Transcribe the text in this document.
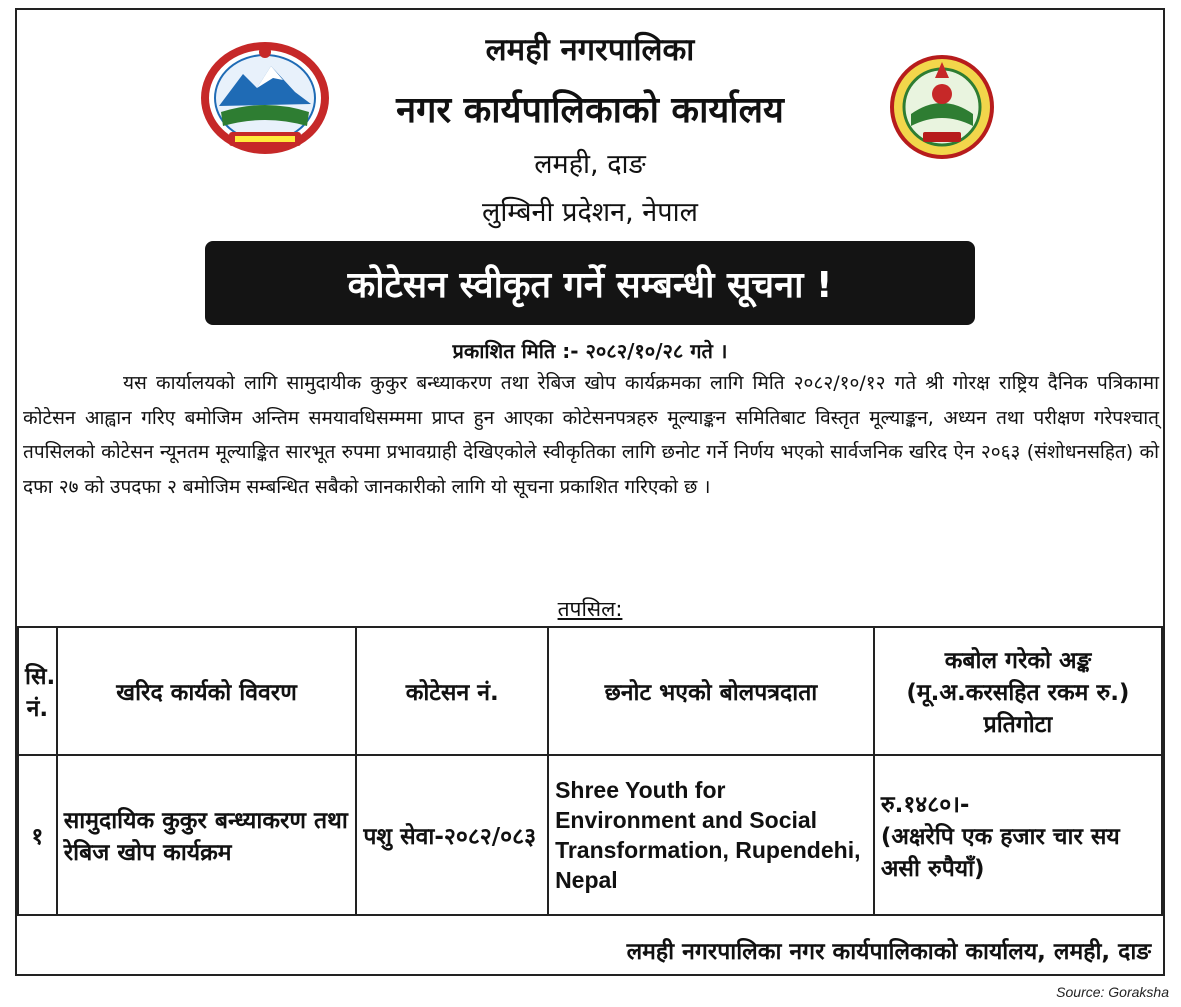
लमही नगरपालिका
नगर कार्यपालिकाको कार्यालय
लमही, दाङ
लुम्बिनी प्रदेशन, नेपाल
कोटेसन स्वीकृत गर्ने सम्बन्धी सूचना !
प्रकाशित मिति :- २०८२/१०/२८ गते ।
यस कार्यालयको लागि सामुदायीक कुकुर बन्ध्याकरण तथा रेबिज खोप कार्यक्रमका लागि मिति २०८२/१०/१२ गते श्री गोरक्ष राष्ट्रिय दैनिक पत्रिकामा कोटेसन आह्वान गरिए बमोजिम अन्तिम समयावधिसम्ममा प्राप्त हुन आएका कोटेसनपत्रहरु मूल्याङ्कन समितिबाट विस्तृत मूल्याङ्कन, अध्यन तथा परीक्षण गरेपश्चात् तपसिलको कोटेसन न्यूनतम मूल्याङ्कित सारभूत रुपमा प्रभावग्राही देखिएकोले स्वीकृतिका लागि छनोट गर्ने निर्णय भएको सार्वजनिक खरिद ऐन २०६३ (संशोधनसहित) को दफा २७ को उपदफा २ बमोजिम सम्बन्धित सबैको जानकारीको लागि यो सूचना प्रकाशित गरिएको छ ।
तपसिल:
सि. नं.	खरिद कार्यको विवरण	कोटेसन नं.	छनोट भएको बोलपत्रदाता	कबोल गरेको अङ्क (मू.अ.करसहित रकम रु.) प्रतिगोटा
१	सामुदायिक कुकुर बन्ध्याकरण तथा रेबिज खोप कार्यक्रम	पशु सेवा-२०८२/०८३	Shree Youth for Environment and Social Transformation, Rupendehi, Nepal	रु.१४८०।-
(अक्षरेपि एक हजार चार सय असी रुपैयाँ)
लमही नगरपालिका नगर कार्यपालिकाको कार्यालय, लमही, दाङ
Source: Goraksha
